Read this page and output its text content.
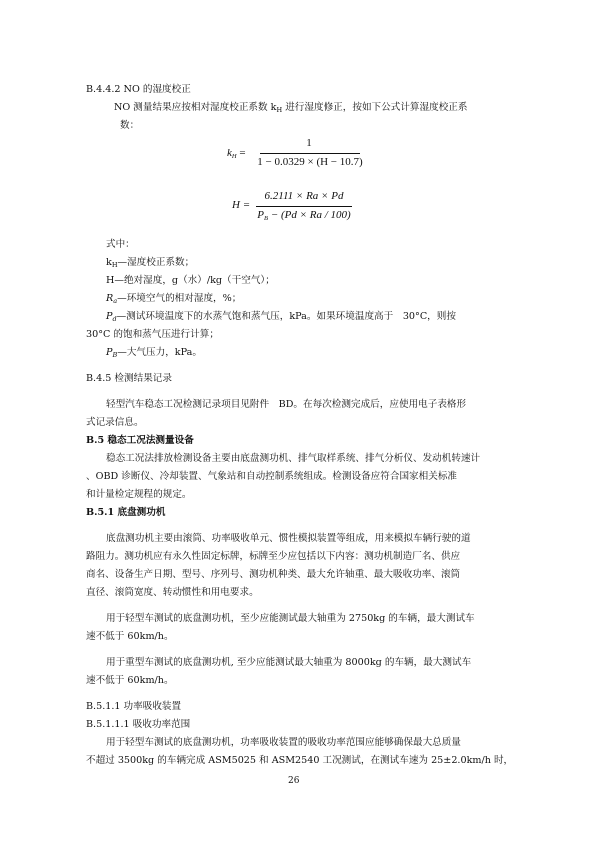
B.4.4.2 NO 的湿度校正
NO 测量结果应按相对湿度校正系数 $k_H$ 进行湿度修正，按如下公式计算湿度校正系
数：
$k_H$ =
1
1 − 0.0329 × (H − 10.7)
H =
6.2111 × Ra × Pd
$P_B - (Pd \times Ra / 100)$
式中：
$k_H—$湿度校正系数；
H—绝对湿度，g（水）/kg（干空气）；
$R_a—$环境空气的相对湿度，%；
$P_d—$测试环境温度下的水蒸气饱和蒸气压，kPa。如果环境温度高于　30°C，则按
30°C 的饱和蒸气压进行计算；
$P_B—$大气压力，kPa。
B.4.5 检测结果记录
轻型汽车稳态工况检测记录项目见附件　BD。在每次检测完成后，应使用电子表格形
式记录信息。
B.5 稳态工况法测量设备
稳态工况法排放检测设备主要由底盘测功机、排气取样系统、排气分析仪、发动机转速计
、OBD 诊断仪、冷却装置、气象站和自动控制系统组成。检测设备应符合国家相关标准
和计量检定规程的规定。
B.5.1 底盘测功机
底盘测功机主要由滚筒、功率吸收单元、惯性模拟装置等组成，用来模拟车辆行驶的道
路阻力。测功机应有永久性固定标牌，标牌至少应包括以下内容：测功机制造厂名、供应
商名、设备生产日期、型号、序列号、测功机种类、最大允许轴重、最大吸收功率、滚筒
直径、滚筒宽度、转动惯性和用电要求。
用于轻型车测试的底盘测功机，至少应能测试最大轴重为 2750kg 的车辆，最大测试车
速不低于 60km/h。
用于重型车测试的底盘测功机, 至少应能测试最大轴重为 8000kg 的车辆，最大测试车
速不低于 60km/h。
B.5.1.1 功率吸收装置
B.5.1.1.1 吸收功率范围
用于轻型车测试的底盘测功机，功率吸收装置的吸收功率范围应能够确保最大总质量
不超过 3500kg 的车辆完成 ASM5025 和 ASM2540 工况测试，在测试车速为 25±2.0km/h 时，
26
